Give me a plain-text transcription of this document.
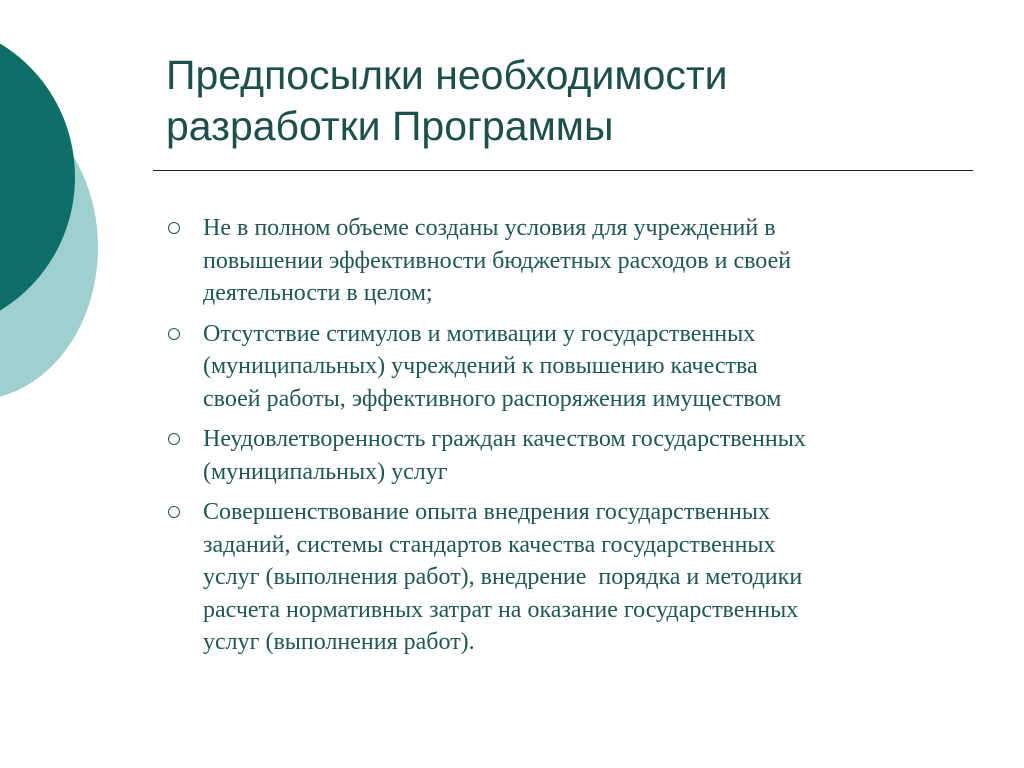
Предпосылки необходимости
разработки Программы
Не в полном объеме созданы условия для учреждений в
повышении эффективности бюджетных расходов и своей
деятельности в целом;
Отсутствие стимулов и мотивации у государственных
(муниципальных) учреждений к повышению качества
своей работы, эффективного распоряжения имуществом
Неудовлетворенность граждан качеством государственных
(муниципальных) услуг
Совершенствование опыта внедрения государственных
заданий, системы стандартов качества государственных
услуг (выполнения работ), внедрение  порядка и методики
расчета нормативных затрат на оказание государственных
услуг (выполнения работ).
